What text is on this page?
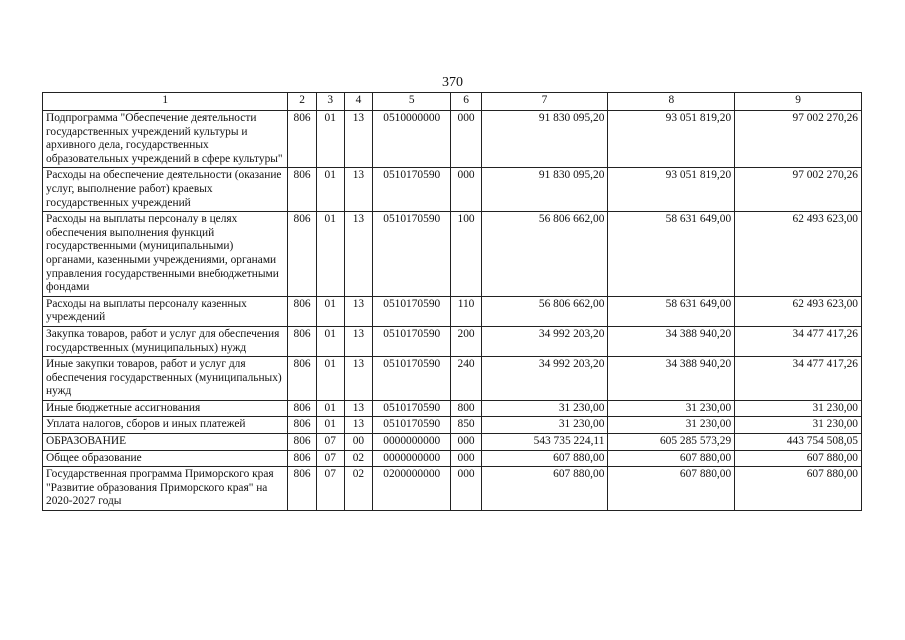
370
1	2	3	4	5	6	7	8	9
Подпрограмма "Обеспечение деятельности государственных учреждений культуры и архивного дела, государственных образовательных учреждений в сфере культуры"	806	01	13	0510000000	000	91 830 095,20	93 051 819,20	97 002 270,26
Расходы на обеспечение деятельности (оказание услуг, выполнение работ) краевых государственных учреждений	806	01	13	0510170590	000	91 830 095,20	93 051 819,20	97 002 270,26
Расходы на выплаты персоналу в целях обеспечения выполнения функций государственными (муниципальными) органами, казенными учреждениями, органами управления государственными внебюджетными фондами	806	01	13	0510170590	100	56 806 662,00	58 631 649,00	62 493 623,00
Расходы на выплаты персоналу казенных учреждений	806	01	13	0510170590	110	56 806 662,00	58 631 649,00	62 493 623,00
Закупка товаров, работ и услуг для обеспечения государственных (муниципальных) нужд	806	01	13	0510170590	200	34 992 203,20	34 388 940,20	34 477 417,26
Иные закупки товаров, работ и услуг для обеспечения государственных (муниципальных) нужд	806	01	13	0510170590	240	34 992 203,20	34 388 940,20	34 477 417,26
Иные бюджетные ассигнования	806	01	13	0510170590	800	31 230,00	31 230,00	31 230,00
Уплата налогов, сборов и иных платежей	806	01	13	0510170590	850	31 230,00	31 230,00	31 230,00
ОБРАЗОВАНИЕ	806	07	00	0000000000	000	543 735 224,11	605 285 573,29	443 754 508,05
Общее образование	806	07	02	0000000000	000	607 880,00	607 880,00	607 880,00
Государственная программа Приморского края "Развитие образования Приморского края" на 2020-2027 годы	806	07	02	0200000000	000	607 880,00	607 880,00	607 880,00
